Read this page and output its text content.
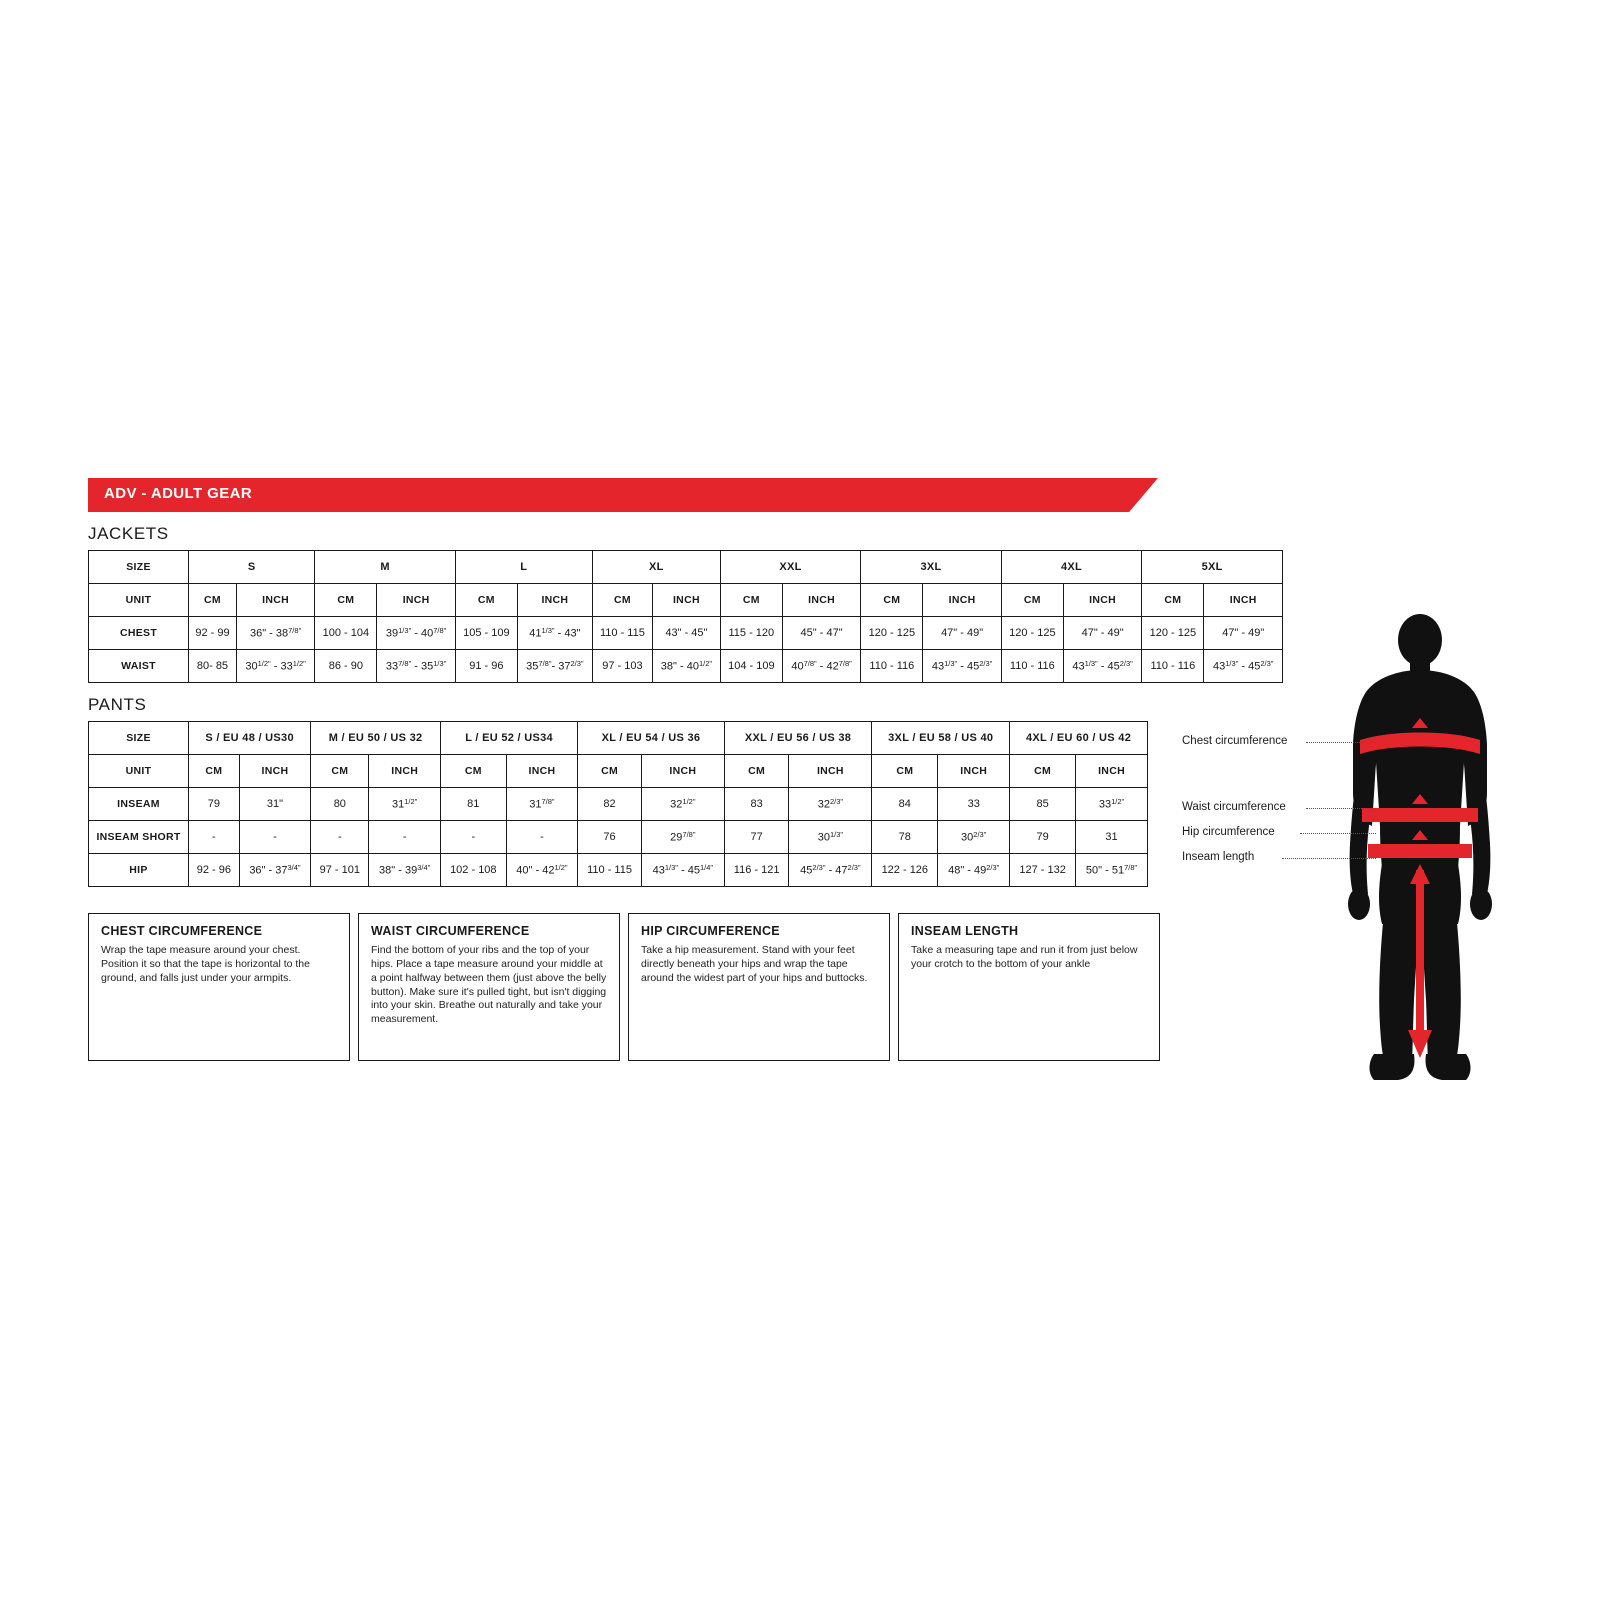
ADV - ADULT GEAR
JACKETS
SIZE	S		M		L		XL		XXL		3XL		4XL		5XL	
UNIT	CM	INCH	CM	INCH	CM	INCH	CM	INCH	CM	INCH	CM	INCH	CM	INCH	CM	INCH
CHEST	92 - 99	36" - $38^{7/8"}$	100 - 104	$39^{1/3"} - 40^{7/8"}$	105 - 109	$41^{1/3"} - 43$"	110 - 115	43" - 45"	115 - 120	45" - 47"	120 - 125	47" - 49"	120 - 125	47" - 49"	120 - 125	47" - 49"
WAIST	80- 85	$30^{1/2"} - 33^{1/2"}$	86 - 90	$33^{7/8"} - 35^{1/3"}$	91 - 96	$35^{7/8"}-$ $37^{2/3"}$	97 - 103	38" - $40^{1/2"}$	104 - 109	$40^{7/8"} - 42^{7/8"}$	110 - 116	$43^{1/3"} - 45^{2/3"}$	110 - 116	$43^{1/3"} - 45^{2/3"}$	110 - 116	$43^{1/3"} - 45^{2/3"}$
PANTS
SIZE	S / EU 48 / US30		M / EU 50 / US 32		L / EU 52 / US34		XL / EU 54 / US 36		XXL / EU 56 / US 38		3XL / EU 58 / US 40		4XL / EU 60 / US 42	
UNIT	CM	INCH	CM	INCH	CM	INCH	CM	INCH	CM	INCH	CM	INCH	CM	INCH
INSEAM	79	31"	80	$31^{1/2"}$	81	$31^{7/8"}$	82	$32^{1/2"}$	83	$32^{2/3"}$	84	33	85	$33^{1/2"}$
INSEAM SHORT	-	-	-	-	-	-	76	$29^{7/8"}$	77	$30^{1/3"}$	78	$30^{2/3"}$	79	31
HIP	92 - 96	36" - $37^{3/4"}$	97 - 101	38" - $39^{3/4"}$	102 - 108	40" - $42^{1/2"}$	110 - 115	$43^{1/3"} - 45^{1/4"}$	116 - 121	$45^{2/3"} - 47^{2/3"}$	122 - 126	48" - $49^{2/3"}$	127 - 132	50" - $51^{7/8"}$
CHEST CIRCUMFERENCE

Wrap the tape measure around your chest. Position it so that the tape is horizontal to the ground, and falls just under your armpits.

WAIST CIRCUMFERENCE

Find the bottom of your ribs and the top of your hips. Place a tape measure around your middle at a point halfway between them (just above the belly button). Make sure it's pulled tight, but isn't digging into your skin. Breathe out naturally and take your measurement.

HIP CIRCUMFERENCE

Take a hip measurement. Stand with your feet directly beneath your hips and wrap the tape around the widest part of your hips and buttocks.

INSEAM LENGTH

Take a measuring tape and run it from just below your crotch to the bottom of your ankle

Chest circumference
Waist circumference
Hip circumference
Inseam length
